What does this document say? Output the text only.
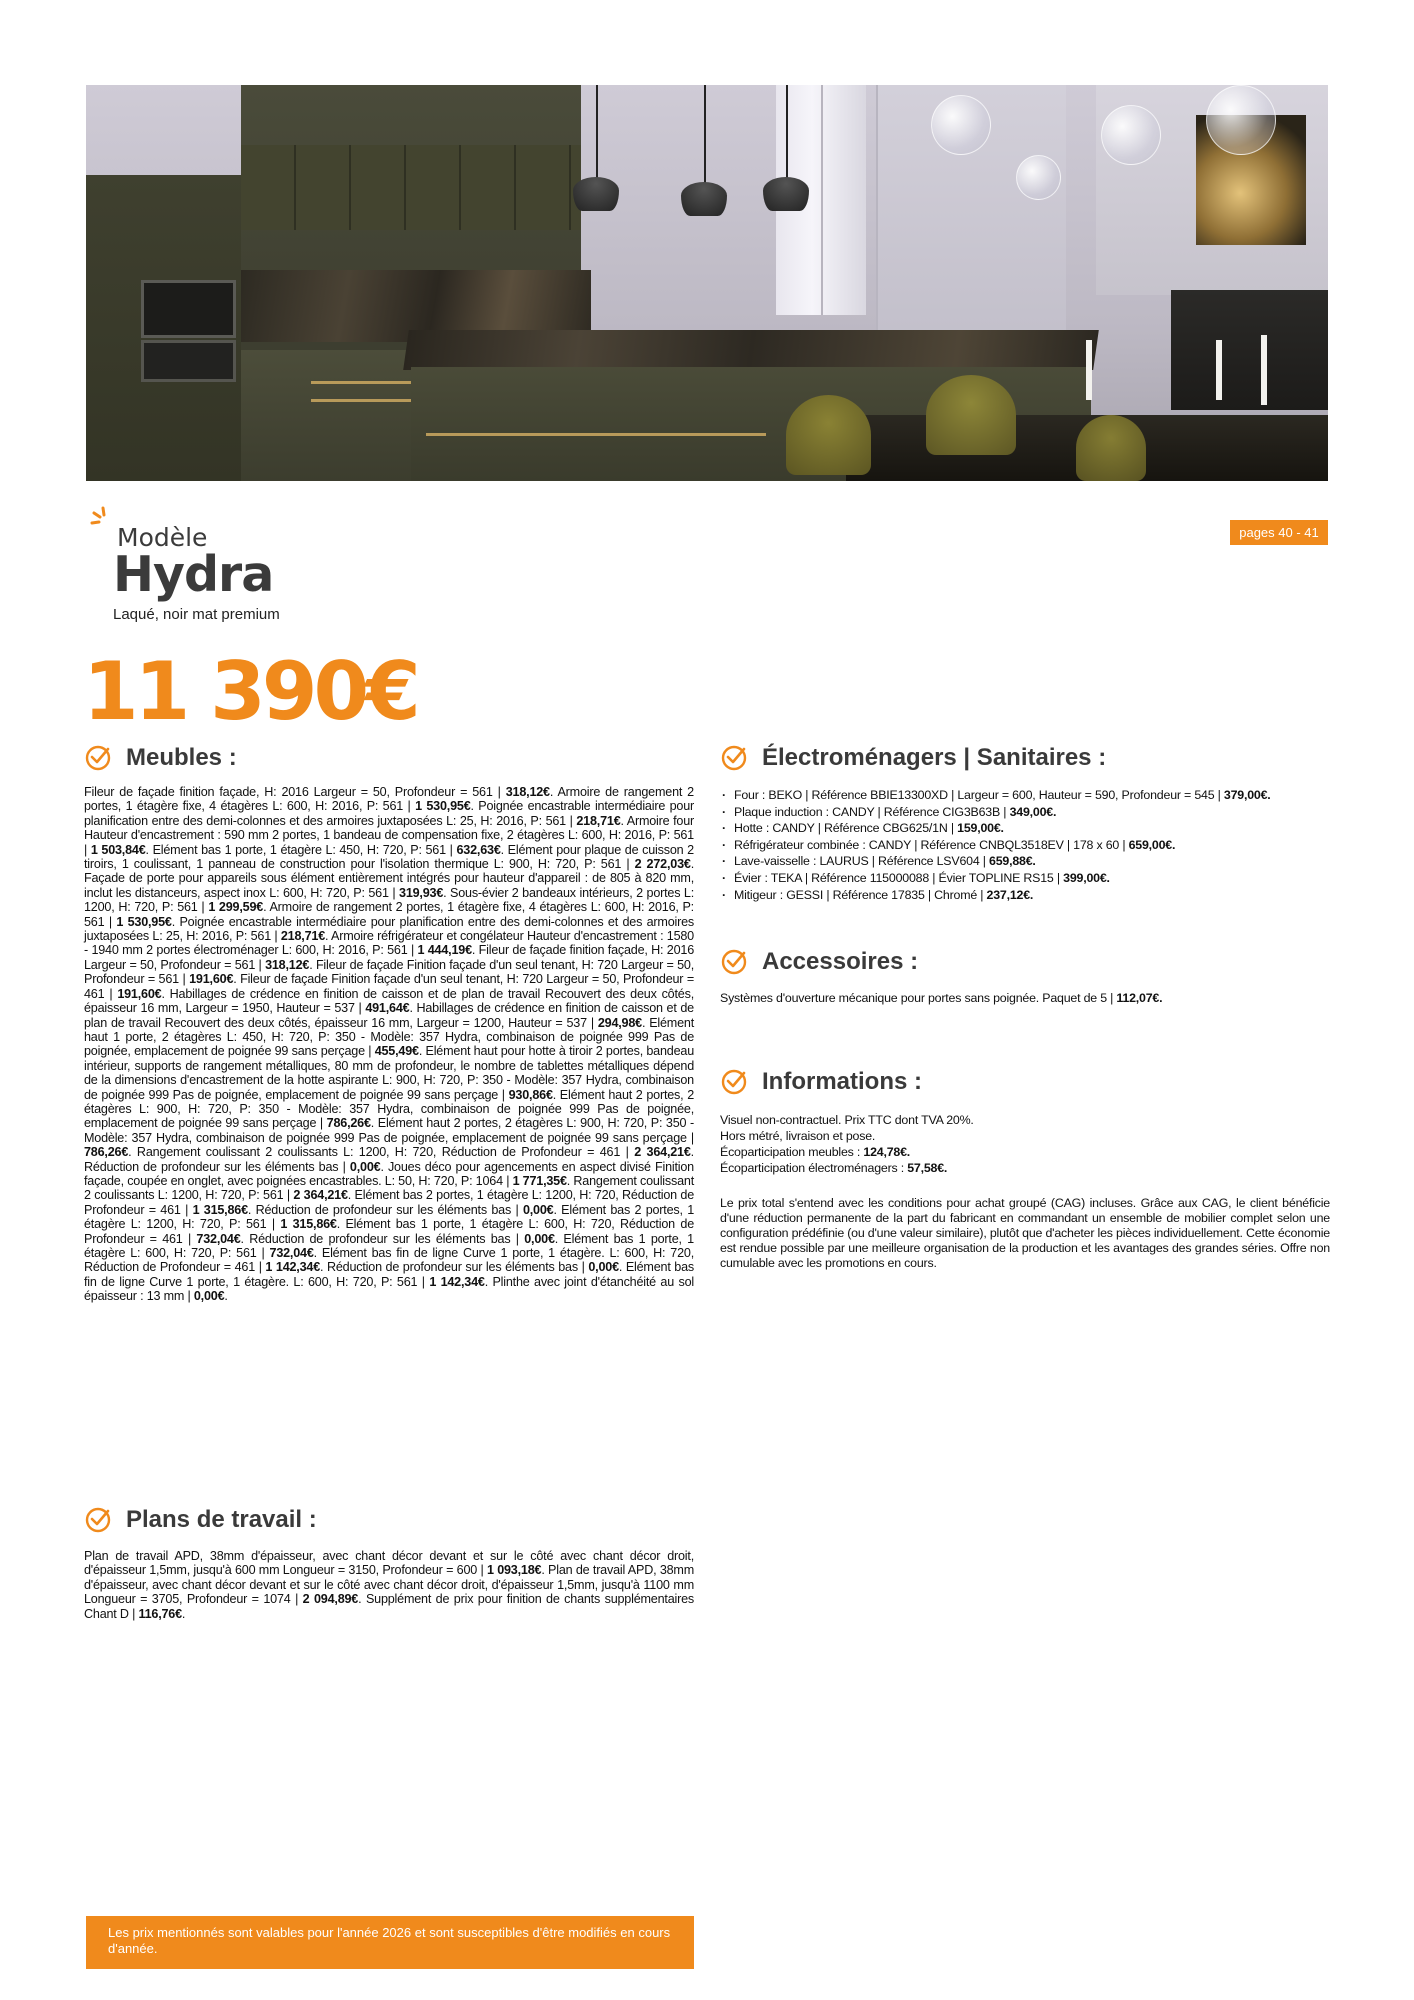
Modèle
Hydra
Laqué, noir mat premium
11 390€
pages 40 - 41
Meubles :
Fileur de façade finition façade, H: 2016 Largeur = 50, Profondeur = 561 | 318,12€. Armoire de rangement 2 portes, 1 étagère fixe, 4 étagères L: 600, H: 2016, P: 561 | 1 530,95€. Poignée encastrable intermédiaire pour planification entre des demi-colonnes et des armoires juxtaposées L: 25, H: 2016, P: 561 | 218,71€. Armoire four Hauteur d'encastrement : 590 mm 2 portes, 1 bandeau de compensation fixe, 2 étagères L: 600, H: 2016, P: 561 | 1 503,84€. Elément bas 1 porte, 1 étagère L: 450, H: 720, P: 561 | 632,63€. Elément pour plaque de cuisson 2 tiroirs, 1 coulissant, 1 panneau de construction pour l'isolation thermique L: 900, H: 720, P: 561 | 2 272,03€. Façade de porte pour appareils sous élément entièrement intégrés pour hauteur d'appareil : de 805 à 820 mm, inclut les distanceurs, aspect inox L: 600, H: 720, P: 561 | 319,93€. Sous-évier 2 bandeaux intérieurs, 2 portes L: 1200, H: 720, P: 561 | 1 299,59€. Armoire de rangement 2 portes, 1 étagère fixe, 4 étagères L: 600, H: 2016, P: 561 | 1 530,95€. Poignée encastrable intermédiaire pour planification entre des demi-colonnes et des armoires juxtaposées L: 25, H: 2016, P: 561 | 218,71€. Armoire réfrigérateur et congélateur Hauteur d'encastrement : 1580 - 1940 mm 2 portes électroménager L: 600, H: 2016, P: 561 | 1 444,19€. Fileur de façade finition façade, H: 2016 Largeur = 50, Profondeur = 561 | 318,12€. Fileur de façade Finition façade d'un seul tenant, H: 720 Largeur = 50, Profondeur = 561 | 191,60€. Fileur de façade Finition façade d'un seul tenant, H: 720 Largeur = 50, Profondeur = 461 | 191,60€. Habillages de crédence en finition de caisson et de plan de travail Recouvert des deux côtés, épaisseur 16 mm, Largeur = 1950, Hauteur = 537 | 491,64€. Habillages de crédence en finition de caisson et de plan de travail Recouvert des deux côtés, épaisseur 16 mm, Largeur = 1200, Hauteur = 537 | 294,98€. Elément haut 1 porte, 2 étagères L: 450, H: 720, P: 350 - Modèle: 357 Hydra, combinaison de poignée 999 Pas de poignée, emplacement de poignée 99 sans perçage | 455,49€. Elément haut pour hotte à tiroir 2 portes, bandeau intérieur, supports de rangement métalliques, 80 mm de profondeur, le nombre de tablettes métalliques dépend de la dimensions d'encastrement de la hotte aspirante L: 900, H: 720, P: 350 - Modèle: 357 Hydra, combinaison de poignée 999 Pas de poignée, emplacement de poignée 99 sans perçage | 930,86€. Elément haut 2 portes, 2 étagères L: 900, H: 720, P: 350 - Modèle: 357 Hydra, combinaison de poignée 999 Pas de poignée, emplacement de poignée 99 sans perçage | 786,26€. Elément haut 2 portes, 2 étagères L: 900, H: 720, P: 350 - Modèle: 357 Hydra, combinaison de poignée 999 Pas de poignée, emplacement de poignée 99 sans perçage | 786,26€. Rangement coulissant 2 coulissants L: 1200, H: 720, Réduction de Profondeur = 461 | 2 364,21€. Réduction de profondeur sur les éléments bas | 0,00€. Joues déco pour agencements en aspect divisé Finition façade, coupée en onglet, avec poignées encastrables. L: 50, H: 720, P: 1064 | 1 771,35€. Rangement coulissant 2 coulissants L: 1200, H: 720, P: 561 | 2 364,21€. Elément bas 2 portes, 1 étagère L: 1200, H: 720, Réduction de Profondeur = 461 | 1 315,86€. Réduction de profondeur sur les éléments bas | 0,00€. Elément bas 2 portes, 1 étagère L: 1200, H: 720, P: 561 | 1 315,86€. Elément bas 1 porte, 1 étagère L: 600, H: 720, Réduction de Profondeur = 461 | 732,04€. Réduction de profondeur sur les éléments bas | 0,00€. Elément bas 1 porte, 1 étagère L: 600, H: 720, P: 561 | 732,04€. Elément bas fin de ligne Curve 1 porte, 1 étagère. L: 600, H: 720, Réduction de Profondeur = 461 | 1 142,34€. Réduction de profondeur sur les éléments bas | 0,00€. Elément bas fin de ligne Curve 1 porte, 1 étagère. L: 600, H: 720, P: 561 | 1 142,34€. Plinthe avec joint d'étanchéité au sol épaisseur : 13 mm | 0,00€.
Plans de travail :
Plan de travail APD, 38mm d'épaisseur, avec chant décor devant et sur le côté avec chant décor droit, d'épaisseur 1,5mm, jusqu'à 600 mm Longueur = 3150, Profondeur = 600 | 1 093,18€. Plan de travail APD, 38mm d'épaisseur, avec chant décor devant et sur le côté avec chant décor droit, d'épaisseur 1,5mm, jusqu'à 1100 mm Longueur = 3705, Profondeur = 1074 | 2 094,89€. Supplément de prix pour finition de chants supplémentaires Chant D | 116,76€.
Électroménagers | Sanitaires :
· Four : BEKO | Référence BBIE13300XD | Largeur = 600, Hauteur = 590, Profondeur = 545 | 379,00€.
· Plaque induction : CANDY | Référence CIG3B63B | 349,00€.
· Hotte : CANDY | Référence CBG625/1N | 159,00€.
· Réfrigérateur combinée : CANDY | Référence CNBQL3518EV | 178 x 60 | 659,00€.
· Lave-vaisselle : LAURUS | Référence LSV604 | 659,88€.
· Évier : TEKA | Référence 115000088 | Évier TOPLINE RS15 | 399,00€.
· Mitigeur : GESSI | Référence 17835 | Chromé | 237,12€.
Accessoires :
Systèmes d'ouverture mécanique pour portes sans poignée. Paquet de 5 | 112,07€.
Informations :
Visuel non-contractuel. Prix TTC dont TVA 20%.
Hors métré, livraison et pose.
Écoparticipation meubles : 124,78€.
Écoparticipation électroménagers : 57,58€.
Le prix total s'entend avec les conditions pour achat groupé (CAG) incluses. Grâce aux CAG, le client bénéficie d'une réduction permanente de la part du fabricant en commandant un ensemble de mobilier complet selon une configuration prédéfinie (ou d'une valeur similaire), plutôt que d'acheter les pièces individuellement. Cette économie est rendue possible par une meilleure organisation de la production et les avantages des grandes séries. Offre non cumulable avec les promotions en cours.
Les prix mentionnés sont valables pour l'année 2026 et sont susceptibles d'être modifiés en cours d'année.
